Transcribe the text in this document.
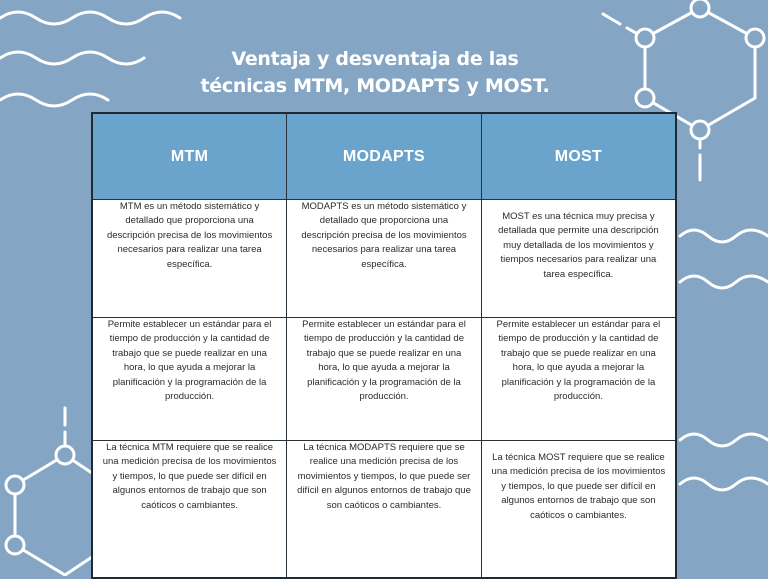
Ventaja y desventaja de las
técnicas MTM, MODAPTS y MOST.
MTM	MODAPTS	MOST
MTM es un método sistemático y detallado que proporciona una descripción precisa de los movimientos necesarios para realizar una tarea específica.	MODAPTS es un método sistemático y detallado que proporciona una descripción precisa de los movimientos necesarios para realizar una tarea específica.	MOST es una técnica muy precisa y detallada que permite una descripción muy detallada de los movimientos y tiempos necesarios para realizar una tarea específica.
Permite establecer un estándar para el tiempo de producción y la cantidad de trabajo que se puede realizar en una hora, lo que ayuda a mejorar la planificación y la programación de la producción.	Permite establecer un estándar para el tiempo de producción y la cantidad de trabajo que se puede realizar en una hora, lo que ayuda a mejorar la planificación y la programación de la producción.	Permite establecer un estándar para el tiempo de producción y la cantidad de trabajo que se puede realizar en una hora, lo que ayuda a mejorar la planificación y la programación de la producción.
La técnica MTM requiere que se realice una medición precisa de los movimientos y tiempos, lo que puede ser difícil en algunos entornos de trabajo que son caóticos o cambiantes.	La técnica MODAPTS requiere que se realice una medición precisa de los movimientos y tiempos, lo que puede ser difícil en algunos entornos de trabajo que son caóticos o cambiantes.	La técnica MOST requiere que se realice una medición precisa de los movimientos y tiempos, lo que puede ser difícil en algunos entornos de trabajo que son caóticos o cambiantes.
